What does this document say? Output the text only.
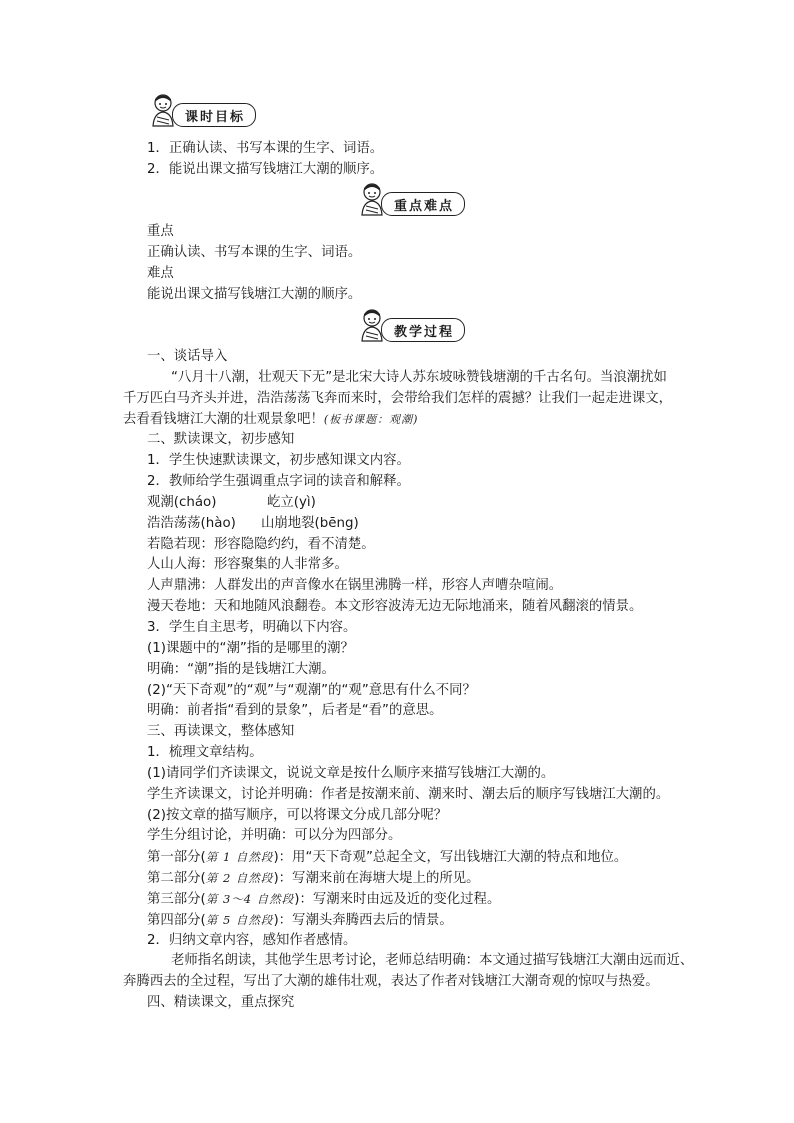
课时目标
重点难点
教学过程
1．正确认读、书写本课的生字、词语。
2．能说出课文描写钱塘江大潮的顺序。
重点
正确认读、书写本课的生字、词语。
难点
能说出课文描写钱塘江大潮的顺序。
一、谈话导入
“八月十八潮，壮观天下无”是北宋大诗人苏东坡咏赞钱塘潮的千古名句。当浪潮扰如
千万匹白马齐头并进，浩浩荡荡飞奔而来时，会带给我们怎样的震撼？让我们一起走进课文，
去看看钱塘江大潮的壮观景象吧！(板书课题：观潮)
二、默读课文，初步感知
1．学生快速默读课文，初步感知课文内容。
2．教师给学生强调重点字词的读音和解释。
观潮(cháo)	屹立(yì)
浩浩荡荡(hào) 山崩地裂(bēng)
若隐若现：形容隐隐约约，看不清楚。
人山人海：形容聚集的人非常多。
人声鼎沸：人群发出的声音像水在锅里沸腾一样，形容人声嘈杂喧闹。
漫天卷地：天和地随风浪翻卷。本文形容波涛无边无际地涌来，随着风翻滚的情景。
3．学生自主思考，明确以下内容。
(1)课题中的“潮”指的是哪里的潮？
明确：“潮”指的是钱塘江大潮。
(2)“天下奇观”的“观”与“观潮”的“观”意思有什么不同？
明确：前者指“看到的景象”，后者是“看”的意思。
三、再读课文，整体感知
1．梳理文章结构。
(1)请同学们齐读课文，说说文章是按什么顺序来描写钱塘江大潮的。
学生齐读课文，讨论并明确：作者是按潮来前、潮来时、潮去后的顺序写钱塘江大潮的。
(2)按文章的描写顺序，可以将课文分成几部分呢？
学生分组讨论，并明确：可以分为四部分。
第一部分(第 1 自然段)：用“天下奇观”总起全文，写出钱塘江大潮的特点和地位。
第二部分(第 2 自然段)：写潮来前在海塘大堤上的所见。
第三部分(第 3～4 自然段)：写潮来时由远及近的变化过程。
第四部分(第 5 自然段)：写潮头奔腾西去后的情景。
2．归纳文章内容，感知作者感情。
老师指名朗读，其他学生思考讨论，老师总结明确：本文通过描写钱塘江大潮由远而近、
奔腾西去的全过程，写出了大潮的雄伟壮观，表达了作者对钱塘江大潮奇观的惊叹与热爱。
四、精读课文，重点探究
